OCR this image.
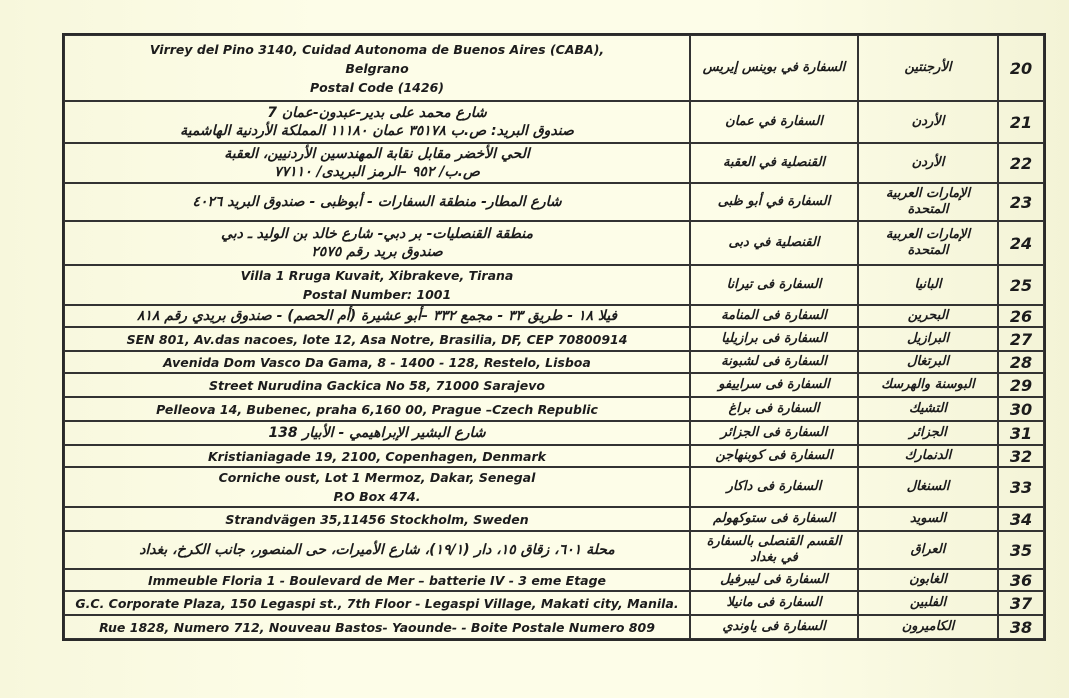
Virrey del Pino 3140, Cuidad Autonoma de Buenos Aires (CABA),
Belgrano
Postal Code (1426)	السفارة في بوينس إيريس	الأرجنتين	20

شارع محمد على بدير-عبدون-عمان 7
صندوق البريد: ص.ب ٣٥١٧٨ عمان ١١١٨٠ المملكة الأردنية الهاشمية	السفارة في عمان	الأردن	21

الحي الأخضر مقابل نقابة المهندسين الأردنيين، العقبة
ص.ب/ ٩٥٢ –الرمز البريدى/ ٧٧١١٠	القنصلية في العقبة	الأردن	22

شارع المطار- منطقة السفارات - أبوظبى - صندوق البريد ٤٠٢٦	السفارة في أبو ظبى	الإمارات العربية المتحدة	23

منطقة القنصليات- بر دبي- شارع خالد بن الوليد ـ دبي
صندوق بريد رقم ٢٥٧٥	القنصلية في دبى	الإمارات العربية المتحدة	24

Villa 1 Rruga Kuvait, Xibrakeve, Tirana
Postal Number: 1001	السفارة فى تيرانا	البانيا	25

فيلا ١٨ - طريق ٣٣ - مجمع ٣٣٢ –أبو عشيرة (أم الحصم) - صندوق بريدي رقم ٨١٨	السفارة فى المنامة	البحرين	26

SEN 801, Av.das nacoes, lote 12, Asa Notre, Brasilia, DF, CEP 70800914	السفارة فى برازيليا	البرازيل	27

Avenida Dom Vasco Da Gama, 8 - 1400 - 128, Restelo, Lisboa	السفارة فى لشبونة	البرتغال	28

Street Nurudina Gackica No 58, 71000 Sarajevo	السفارة فى سراييفو	البوسنة والهرسك	29

Pelleova 14, Bubenec, praha 6,160 00, Prague –Czech Republic	السفارة فى براغ	التشيك	30

شارع البشير الإبراهيمي - الأبيار 138	السفارة فى الجزائر	الجزائر	31

Kristianiagade 19, 2100, Copenhagen, Denmark	السفارة فى كوبنهاجن	الدنمارك	32

Corniche oust, Lot 1 Mermoz, Dakar, Senegal
P.O Box 474.	السفارة فى داكار	السنغال	33

Strandvägen 35,11456 Stockholm, Sweden	السفارة فى ستوكهولم	السويد	34

محلة ٦٠١، زقاق ١٥، دار (١٩/١)، شارع الأميرات، حى المنصور، جانب الكرخ، بغداد	القسم القنصلى بالسفارة في بغداد	العراق	35

Immeuble Floria 1 - Boulevard de Mer – batterie IV - 3 eme Etage	السفارة فى ليبرفيل	الغابون	36

G.C. Corporate Plaza, 150 Legaspi st., 7th Floor - Legaspi Village, Makati city, Manila.	السفارة فى مانيلا	الفلبين	37

Rue 1828, Numero 712, Nouveau Bastos- Yaounde- - Boite Postale Numero 809	السفارة فى ياوندي	الكاميرون	38
